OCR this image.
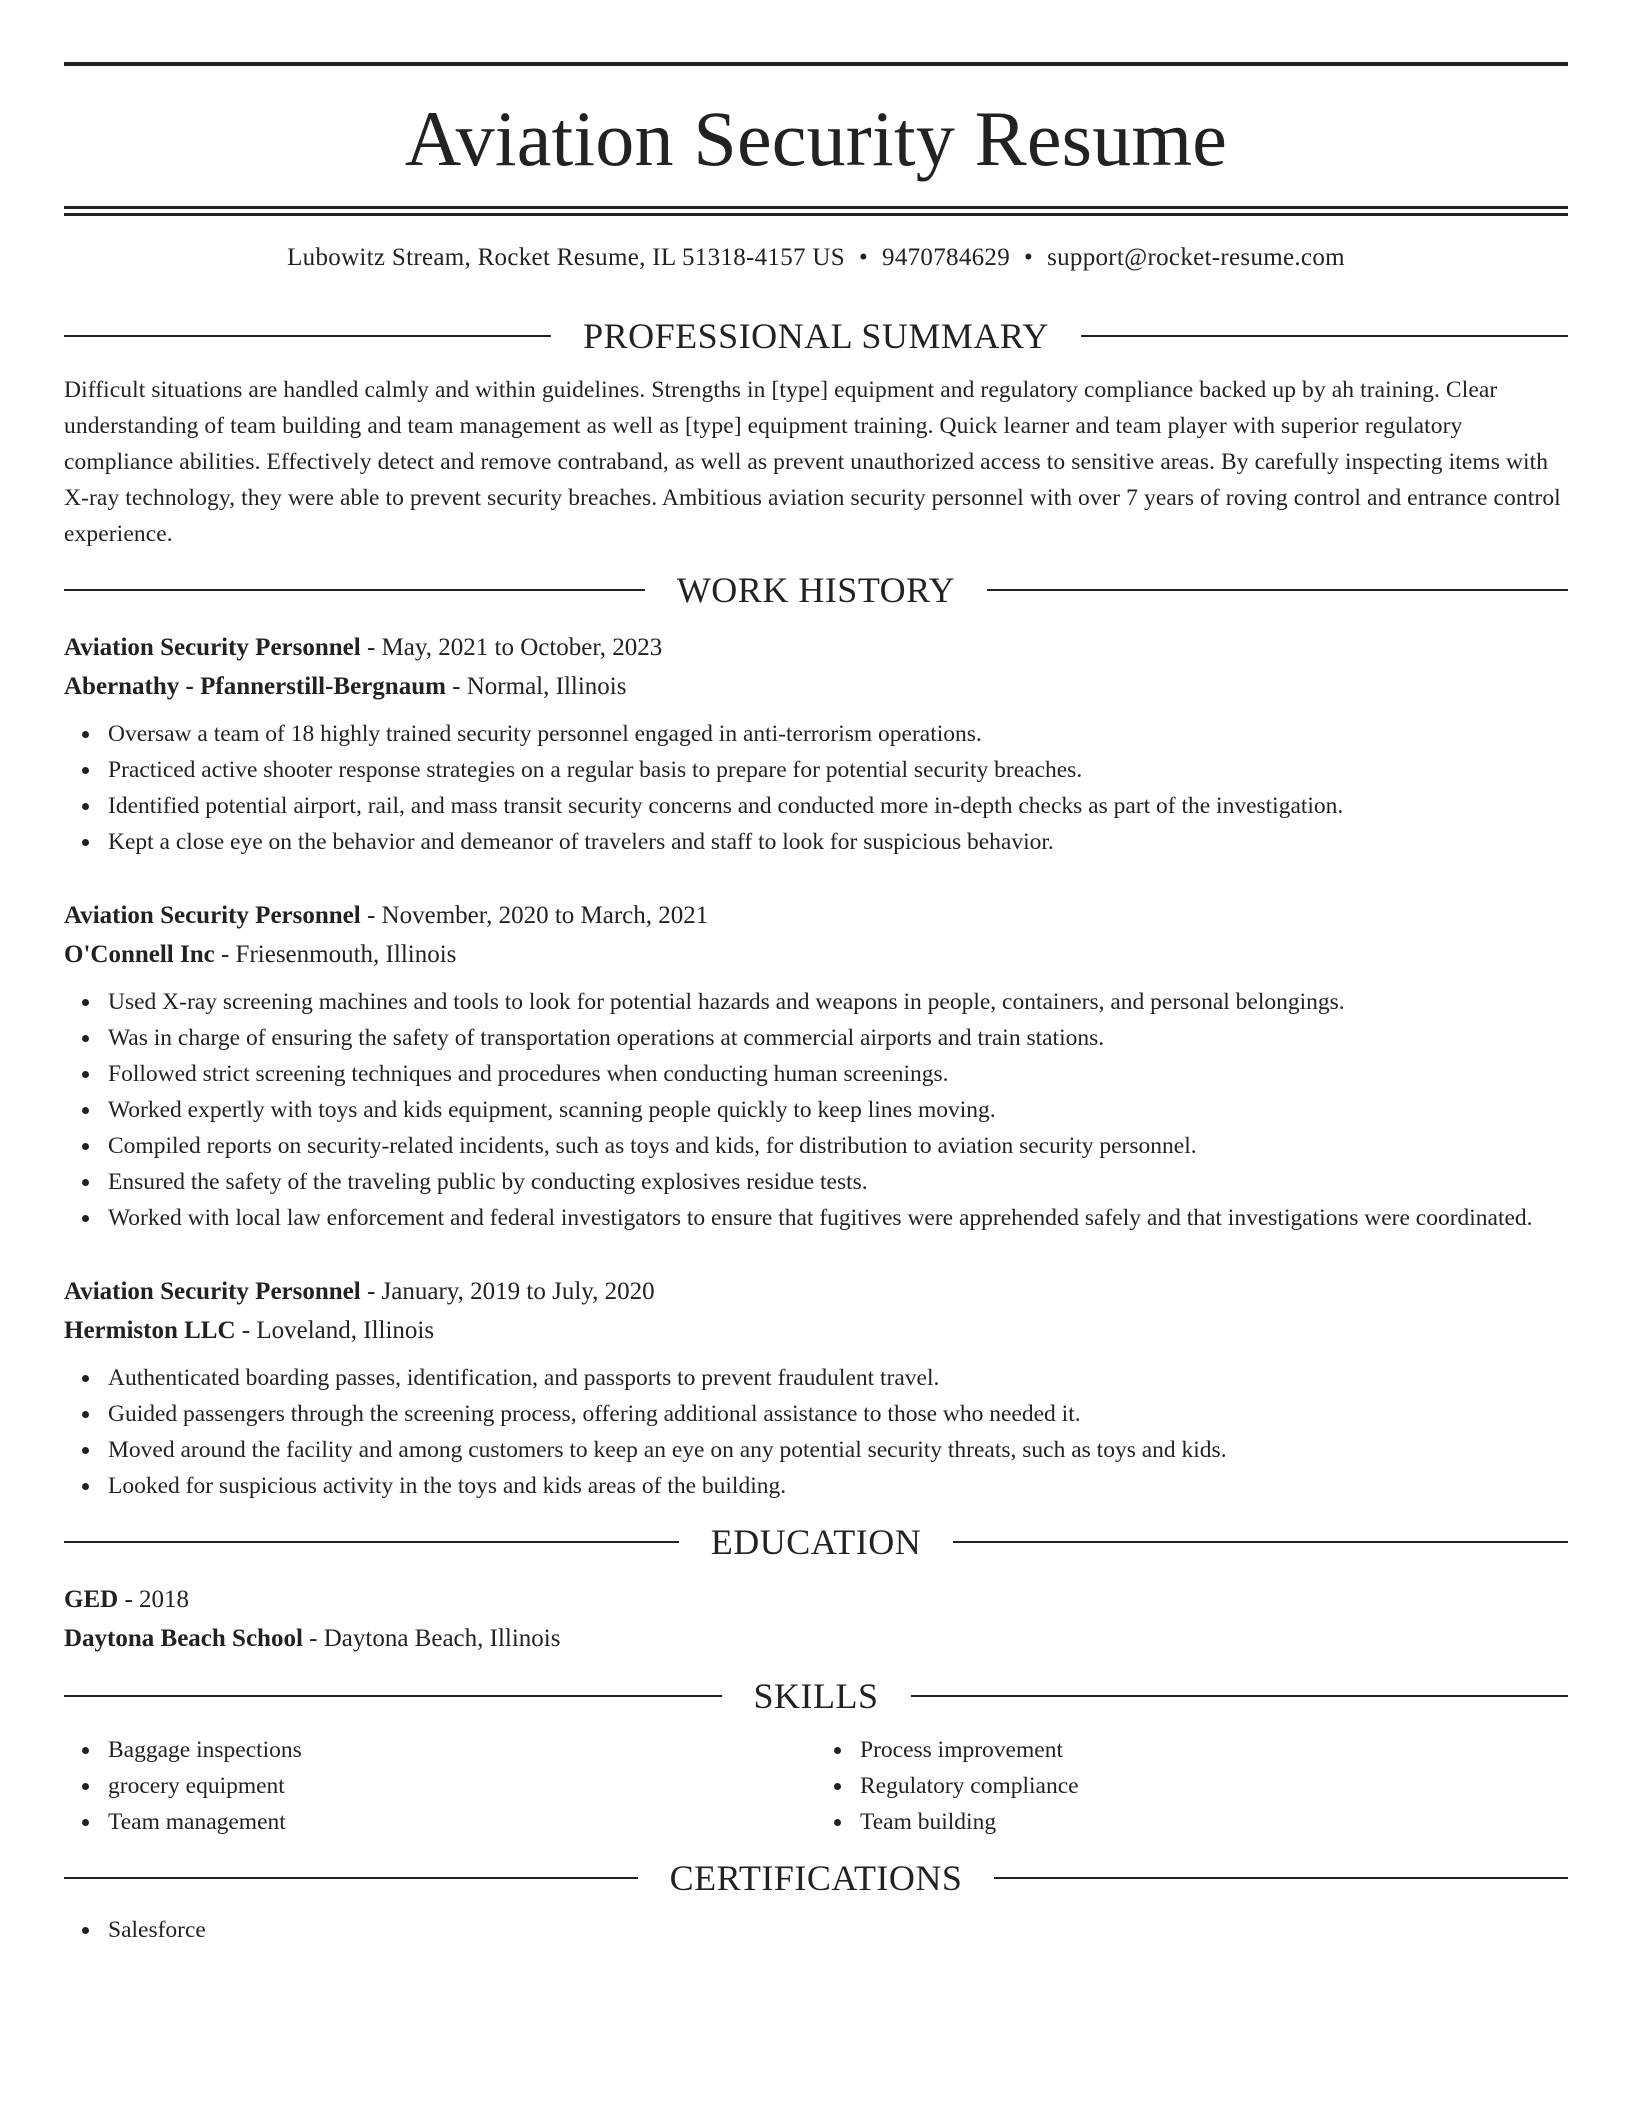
Aviation Security Resume
Lubowitz Stream, Rocket Resume, IL 51318-4157 US • 9470784629 • support@rocket-resume.com
PROFESSIONAL SUMMARY
Difficult situations are handled calmly and within guidelines. Strengths in [type] equipment and regulatory compliance backed up by ah training. Clear understanding of team building and team management as well as [type] equipment training. Quick learner and team player with superior regulatory compliance abilities. Effectively detect and remove contraband, as well as prevent unauthorized access to sensitive areas. By carefully inspecting items with X-ray technology, they were able to prevent security breaches. Ambitious aviation security personnel with over 7 years of roving control and entrance control experience.
WORK HISTORY
Aviation Security Personnel - May, 2021 to October, 2023
Abernathy - Pfannerstill-Bergnaum - Normal, Illinois
Oversaw a team of 18 highly trained security personnel engaged in anti-terrorism operations.
Practiced active shooter response strategies on a regular basis to prepare for potential security breaches.
Identified potential airport, rail, and mass transit security concerns and conducted more in-depth checks as part of the investigation.
Kept a close eye on the behavior and demeanor of travelers and staff to look for suspicious behavior.
Aviation Security Personnel - November, 2020 to March, 2021
O'Connell Inc - Friesenmouth, Illinois
Used X-ray screening machines and tools to look for potential hazards and weapons in people, containers, and personal belongings.
Was in charge of ensuring the safety of transportation operations at commercial airports and train stations.
Followed strict screening techniques and procedures when conducting human screenings.
Worked expertly with toys and kids equipment, scanning people quickly to keep lines moving.
Compiled reports on security-related incidents, such as toys and kids, for distribution to aviation security personnel.
Ensured the safety of the traveling public by conducting explosives residue tests.
Worked with local law enforcement and federal investigators to ensure that fugitives were apprehended safely and that investigations were coordinated.
Aviation Security Personnel - January, 2019 to July, 2020
Hermiston LLC - Loveland, Illinois
Authenticated boarding passes, identification, and passports to prevent fraudulent travel.
Guided passengers through the screening process, offering additional assistance to those who needed it.
Moved around the facility and among customers to keep an eye on any potential security threats, such as toys and kids.
Looked for suspicious activity in the toys and kids areas of the building.
EDUCATION
GED - 2018
Daytona Beach School - Daytona Beach, Illinois
SKILLS
Baggage inspections
grocery equipment
Team management
Process improvement
Regulatory compliance
Team building
CERTIFICATIONS
Salesforce
